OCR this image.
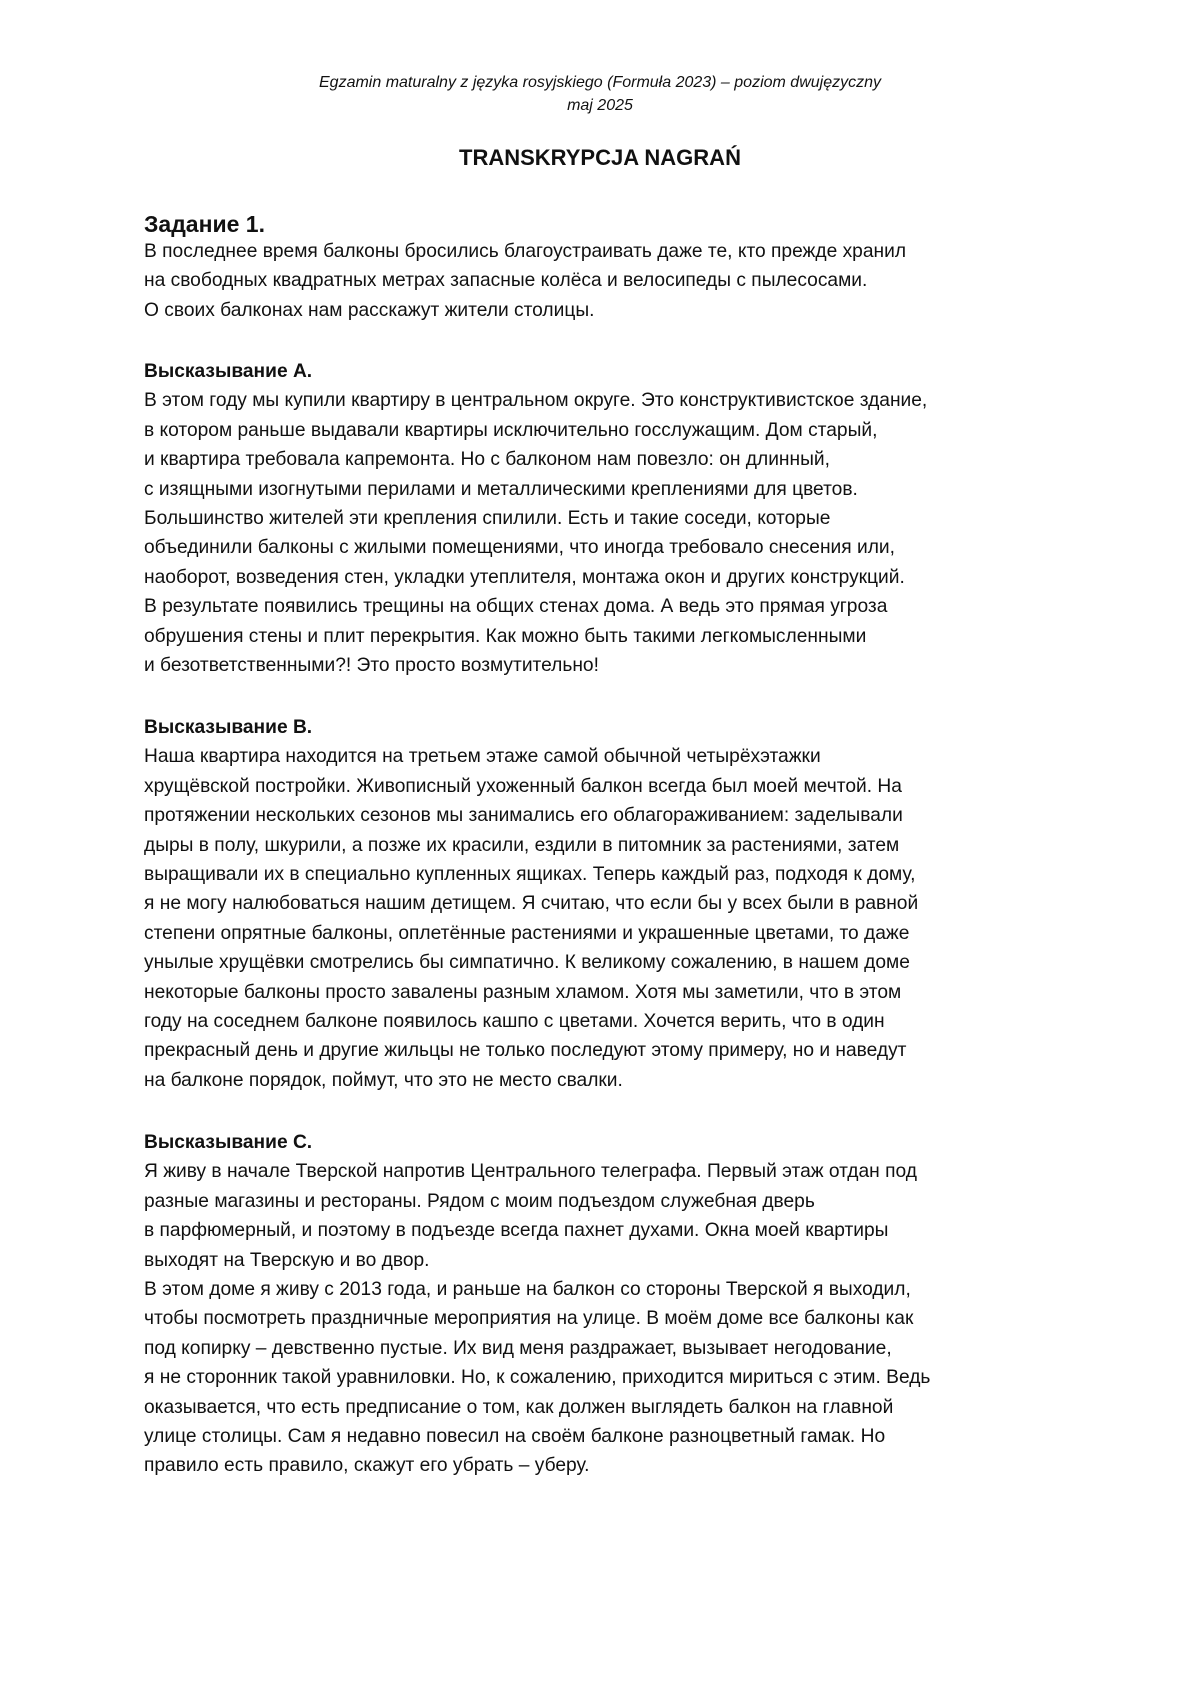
Egzamin maturalny z języka rosyjskiego (Formuła 2023) – poziom dwujęzyczny
maj 2025
TRANSKRYPCJA NAGRAŃ
Задание 1.
В последнее время балконы бросились благоустраивать даже те, кто прежде хранил
на свободных квадратных метрах запасные колёса и велосипеды с пылесосами.
О своих балконах нам расскажут жители столицы.
Высказывание A.
В этом году мы купили квартиру в центральном округе. Это конструктивистское здание,
в котором раньше выдавали квартиры исключительно госслужащим. Дом старый,
и квартира требовала капремонта. Но с балконом нам повезло: он длинный,
с изящными изогнутыми перилами и металлическими креплениями для цветов.
Большинство жителей эти крепления спилили. Есть и такие соседи, которые
объединили балконы с жилыми помещениями, что иногда требовало снесения или,
наоборот, возведения стен, укладки утеплителя, монтажа окон и других конструкций.
В результате появились трещины на общих стенах дома. А ведь это прямая угроза
обрушения стены и плит перекрытия. Как можно быть такими легкомысленными
и безответственными?! Это просто возмутительно!
Высказывание B.
Наша квартира находится на третьем этаже самой обычной четырёхэтажки
хрущёвской постройки. Живописный ухоженный балкон всегда был моей мечтой. На
протяжении нескольких сезонов мы занимались его облагораживанием: заделывали
дыры в полу, шкурили, а позже их красили, ездили в питомник за растениями, затем
выращивали их в специально купленных ящиках. Теперь каждый раз, подходя к дому,
я не могу налюбоваться нашим детищем. Я считаю, что если бы у всех были в равной
степени опрятные балконы, оплетённые растениями и украшенные цветами, то даже
унылые хрущёвки смотрелись бы симпатично. К великому сожалению, в нашем доме
некоторые балконы просто завалены разным хламом. Хотя мы заметили, что в этом
году на соседнем балконе появилось кашпо с цветами. Хочется верить, что в один
прекрасный день и другие жильцы не только последуют этому примеру, но и наведут
на балконе порядок, поймут, что это не место свалки.
Высказывание C.
Я живу в начале Тверской напротив Центрального телеграфа. Первый этаж отдан под
разные магазины и рестораны. Рядом с моим подъездом служебная дверь
в парфюмерный, и поэтому в подъезде всегда пахнет духами. Окна моей квартиры
выходят на Тверскую и во двор.
В этом доме я живу с 2013 года, и раньше на балкон со стороны Тверской я выходил,
чтобы посмотреть праздничные мероприятия на улице. В моём доме все балконы как
под копирку – девственно пустые. Их вид меня раздражает, вызывает негодование,
я не сторонник такой уравниловки. Но, к сожалению, приходится мириться с этим. Ведь
оказывается, что есть предписание о том, как должен выглядеть балкон на главной
улице столицы. Сам я недавно повесил на своём балконе разноцветный гамак. Но
правило есть правило, скажут его убрать – уберу.
